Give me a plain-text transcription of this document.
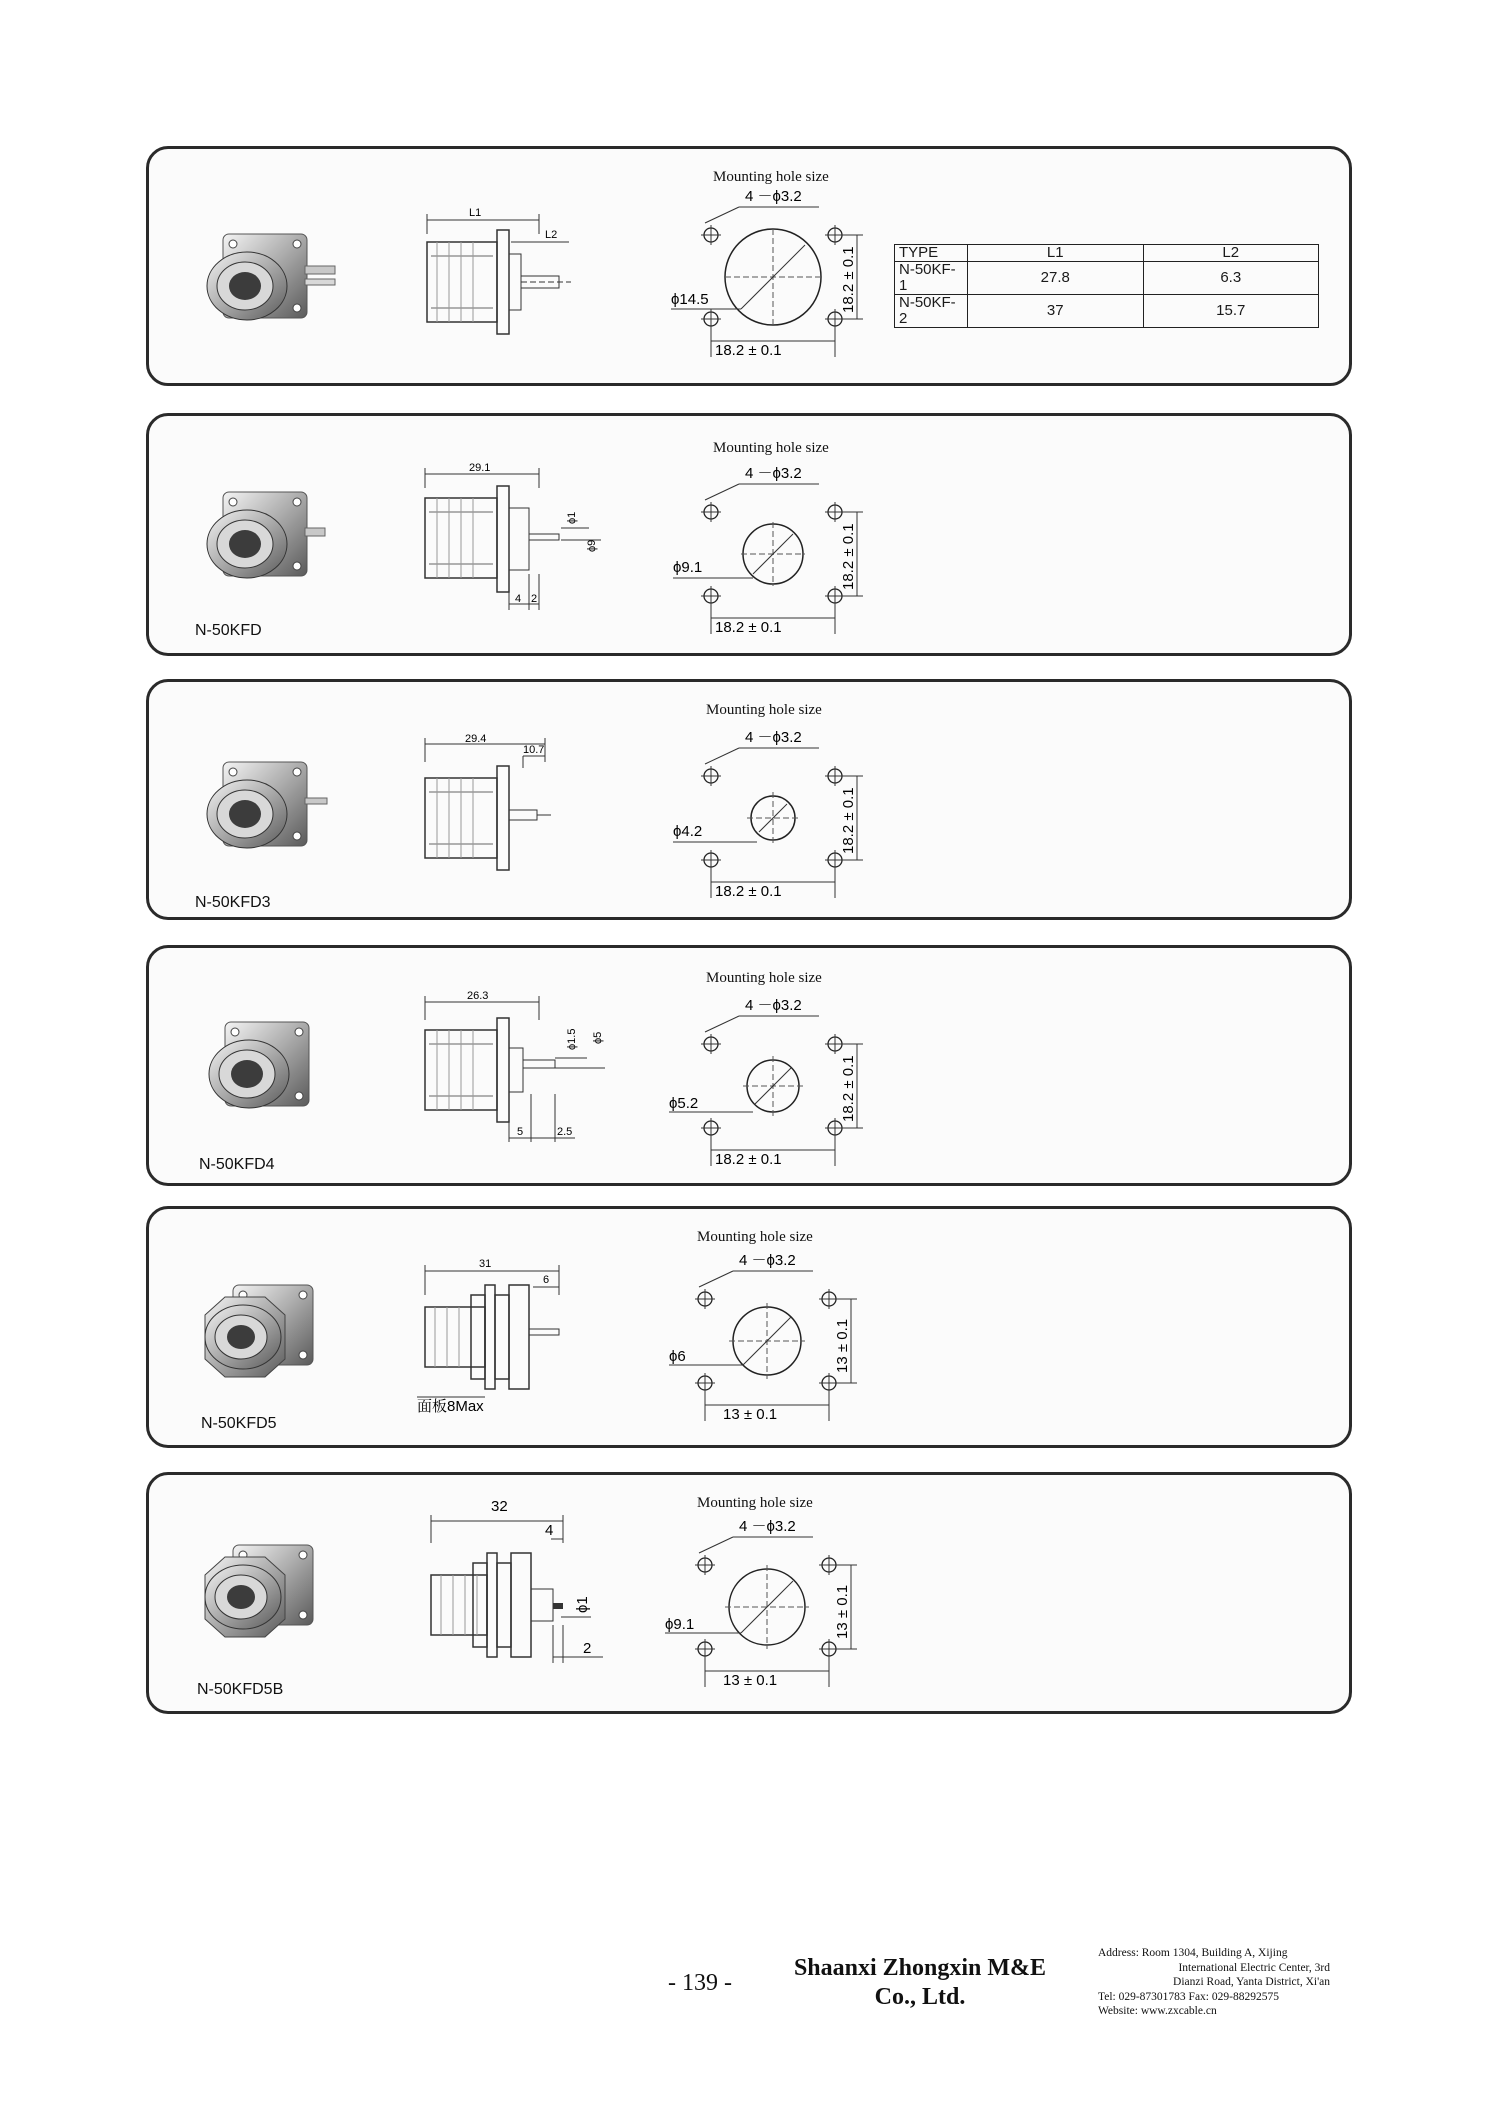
Mounting hole size
L1
L2
4 －ϕ3.2
ϕ14.5	18.2 ± 0.1
18.2 ± 0.1
TYPE	L1	L2
N-50KF-1	27.8	6.3
N-50KF-2	37	15.7
Mounting hole size
N-50KFD
29.1
ϕ1
ϕ9
4 2
4 －ϕ3.2
ϕ9.1	18.2 ± 0.1
18.2 ± 0.1
Mounting hole size
N-50KFD3
29.4
10.7
4 －ϕ3.2
ϕ4.2	18.2 ± 0.1
18.2 ± 0.1
Mounting hole size
N-50KFD4
26.3
ϕ1.5 ϕ5
5	2.5
4 －ϕ3.2
ϕ5.2	18.2 ± 0.1
18.2 ± 0.1
Mounting hole size
N-50KFD5
31
6
面板8Max
4 －ϕ3.2
ϕ6	13 ± 0.1
13 ± 0.1
Mounting hole size
N-50KFD5B
32
4
ϕ1
2
4 －ϕ3.2
ϕ9.1	13 ± 0.1
13 ± 0.1
- 139 -
Shaanxi Zhongxin M&E
Co., Ltd.
Address: Room 1304, Building A, Xijing
International Electric Center, 3rd
Dianzi Road, Yanta District, Xi'an
Tel: 029-87301783 Fax: 029-88292575
Website: www.zxcable.cn
